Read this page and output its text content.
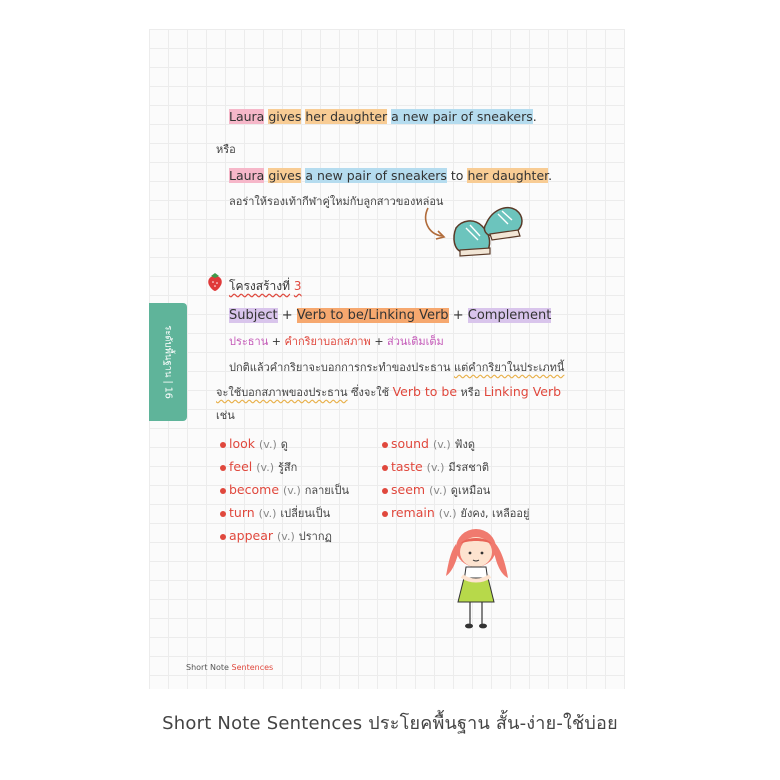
Laura gives her daughter a new pair of sneakers.
หรือ
Laura gives a new pair of sneakers to her daughter.
ลอร่าให้รองเท้ากีฬาคู่ใหม่กับลูกสาวของหล่อน
โครงสร้างที่ 3
Subject + Verb to be/Linking Verb + Complement
ประธาน + คำกริยาบอกสภาพ + ส่วนเติมเต็ม
ปกติแล้วคำกริยาจะบอกการกระทำของประธาน แต่คำกริยาในประเภทนี้
จะใช้บอกสภาพของประธาน ซึ่งจะใช้ Verb to be หรือ Linking Verb
เช่น
look (v.) ดู
feel (v.) รู้สึก
become (v.) กลายเป็น
turn (v.) เปลี่ยนเป็น
appear (v.) ปรากฏ
sound (v.) ฟังดู
taste (v.) มีรสชาติ
seem (v.) ดูเหมือน
remain (v.) ยังคง, เหลืออยู่
ระดับพื้นฐาน | 16
Short Note Sentences
Short Note Sentences ประโยคพื้นฐาน สั้น-ง่าย-ใช้บ่อย
